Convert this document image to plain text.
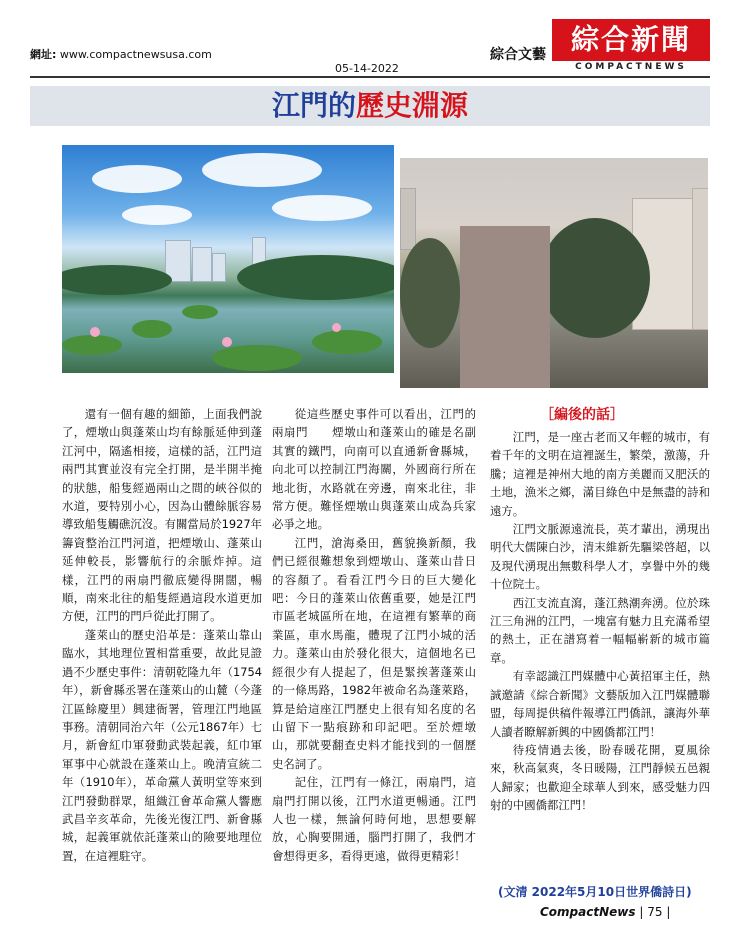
網址: www.compactnewsusa.com
05-14-2022
綜合文藝 綜合新聞
COMPACTNEWS
江門的歷史淵源

還有一個有趣的細節，上面我們說了，煙墩山與蓬萊山均有餘脈延伸到蓬江河中，隔遙相接，這樣的話，江門這兩門其實並沒有完全打開，是半開半掩的狀態，船隻經過兩山之間的峽谷似的水道，要特別小心，因為山體餘脈容易導致船隻觸礁沉沒。有關當局於1927年籌資整治江門河道，把煙墩山、蓬萊山延伸較長，影響航行的余脈炸掉。這樣，江門的兩扇門徹底變得開闊，暢順，南來北往的船隻經過這段水道更加方便，江門的門戶從此打開了。

蓬萊山的歷史沿革是：蓬萊山靠山臨水，其地理位置相當重要，故此見證過不少歷史事件：清朝乾隆九年（1754年），新會縣丞署在蓬萊山的山麓（今蓬江區餘慶里）興建衙署，管理江門地區事務。清朝同治六年（公元1867年）七月，新會紅巾軍發動武裝起義，紅巾軍軍事中心就設在蓬萊山上。晚清宣統二年（1910年），革命黨人黃明堂等來到江門發動群眾，組織江會革命黨人響應武昌辛亥革命，先後光復江門、新會縣城，起義軍就依託蓬萊山的險要地理位置，在這裡駐守。

從這些歷史事件可以看出，江門的兩扇門　　煙墩山和蓬萊山的確是名副其實的鐵門，向南可以直通新會縣城，向北可以控制江門海關，外國商行所在地北街，水路就在旁邊，南來北往，非常方便。難怪煙墩山與蓬萊山成為兵家必爭之地。

江門，滄海桑田，舊貌換新顏，我們已經很難想象到煙墩山、蓬萊山昔日的容顏了。看看江門今日的巨大變化吧：今日的蓬萊山依舊重要，她是江門市區老城區所在地，在這裡有繁華的商業區，車水馬龍，體現了江門小城的活力。蓬萊山由於發化很大，這個地名已經很少有人提起了，但是緊挨著蓬萊山的一條馬路，1982年被命名為蓬萊路，算是給這座江門歷史上很有知名度的名山留下一點痕跡和印記吧。至於煙墩山，那就要翻查史料才能找到的一個歷史名詞了。

記住，江門有一條江，兩扇門，這扇門打開以後，江門水道更暢通。江門人也一樣，無論何時何地，思想要解放，心胸要開通，腦門打開了，我們才會想得更多，看得更遠，做得更精彩！

［編後的話］

江門，是一座古老而又年輕的城市，有着千年的文明在這裡誕生，繁榮，激蕩，升騰；這裡是神州大地的南方美麗而又肥沃的土地，漁米之鄉，滿目綠色中是無盡的詩和遠方。

江門文脈源遠流長，英才輩出，湧現出明代大儒陳白沙，清末維新先驅梁啓超，以及現代湧現出無數科學人才，享譽中外的幾十位院士。

西江支流直瀉，蓬江熱潮奔湧。位於珠江三角洲的江門，一塊富有魅力且充滿希望的熱土，正在譜寫着一幅幅嶄新的城市篇章。

有幸認識江門媒體中心黃招軍主任，熱誠邀請《綜合新聞》文藝版加入江門媒體聯盟，每周提供稿件報導江門僑訊，讓海外華人讀者瞭解新興的中國僑都江門！

待疫情過去後，盼春暖花開，夏風徐來，秋高氣爽，冬日暖陽，江門靜候五邑親人歸家；也歡迎全球華人到來，感受魅力四射的中國僑都江門！

(文清 2022年5月10日世界僑詩日)
CompactNews | 75 |
